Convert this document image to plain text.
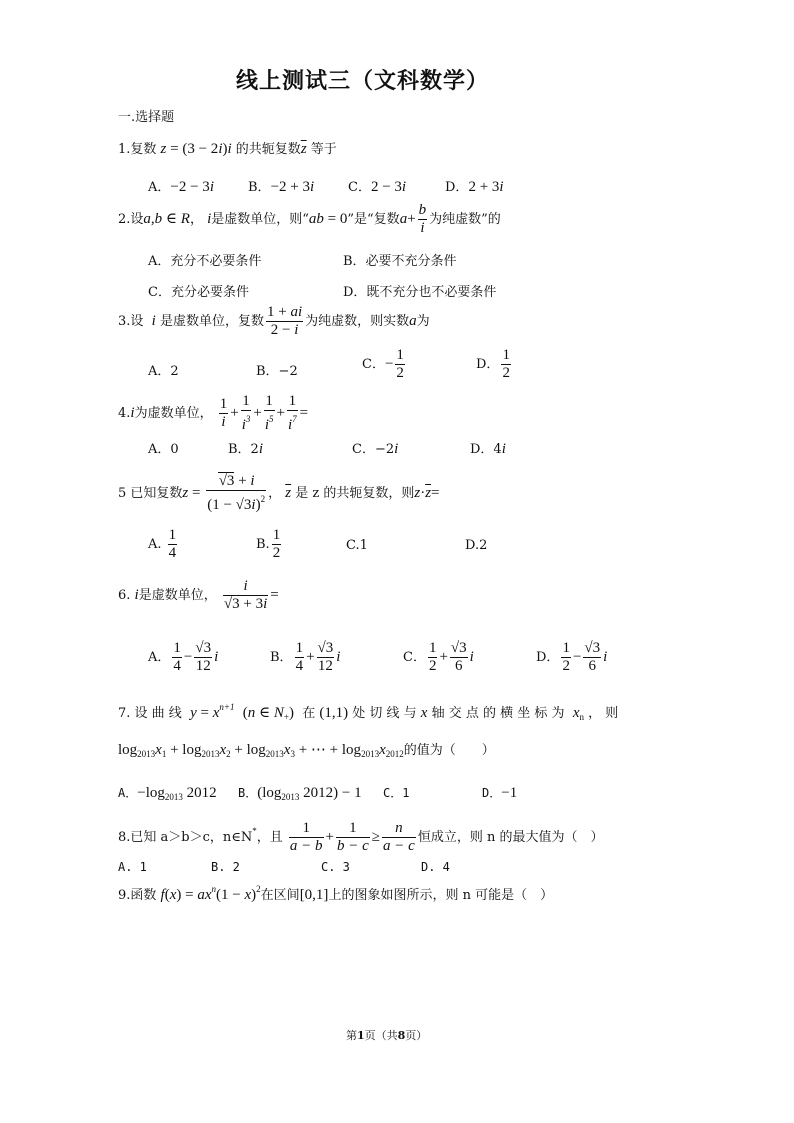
线上测试三（文科数学）
一.选择题
1.复数 z = (3 − 2i)i 的共轭复数$\overline{z}$ 等于
A．−2 − 3i	B．−2 + 3i	C．2 − 3i	D．2 + 3i
2.设a,b ∈ R， i是虚数单位，则“ab = 0”是“复数$a+ \frac{b}{i}$ 为纯虚数”的
A．充分不必要条件	B．必要不充分条件
C．充分必要条件	D．既不充分也不必要条件
3.设 i 是虚数单位，复数 $\frac{1 + ai}{2 - i}$ 为纯虚数，则实数a为
A．2	B．−2	C．− $\frac{1}{2}$	D． $\frac{1}{2}$
4.i为虚数单位， $\frac{1}{i} + \frac{1}{i^3} + \frac{1}{i^5} + \frac{1}{i^7}$ =
A．0	B．2i	C．−2i	D．4i
5 已知复数$z = \frac{√3 + i}{(1 - √3i)^2}$ ， $\overline{z}$ 是 z 的共轭复数，则$z\cdot\overline{z}=$
A. $\frac{1}{4}$	B. $\frac{1}{2}$	C.1	D.2
6. i是虚数单位， $\frac{i}{√3 + 3i}$ =
A． $\frac{1}{4} - \frac{√3}{12}$ i	B． $\frac{1}{4} + \frac{√3}{12}$ i	C． $\frac{1}{2} + \frac{√3}{6}$ i	D． $\frac{1}{2} - \frac{√3}{6}$ i
7. 设 曲 线 $y = x^{n+1}$ (n ∈ $N_+$) 在 (1,1) 处 切 线 与 x 轴 交 点 的 横 坐 标 为 $x_n$ ， 则
$\log_{2013}x_1 + \log_{2013}x_2 + \log_{2013}x_3$ + ⋯ + $\log_{2013}x_{2012}$的值为（　　）
A．$-\log_{2013}$ 2012 B．($\log_{2013}$ 2012) − 1 C．1	D．−1
8.已知 a＞b＞c，n∈N*，且 $\frac{1}{a - b} + \frac{1}{b - c} \ge \frac{n}{a - c}$ 恒成立，则 n 的最大值为（　）
A. 1	B. 2	C. 3	D. 4
9.函数 $f(x) = ax^n(1 - x)^2$在区间[0,1]上的图象如图所示，则 n 可能是（　）
第1页（共8页）
